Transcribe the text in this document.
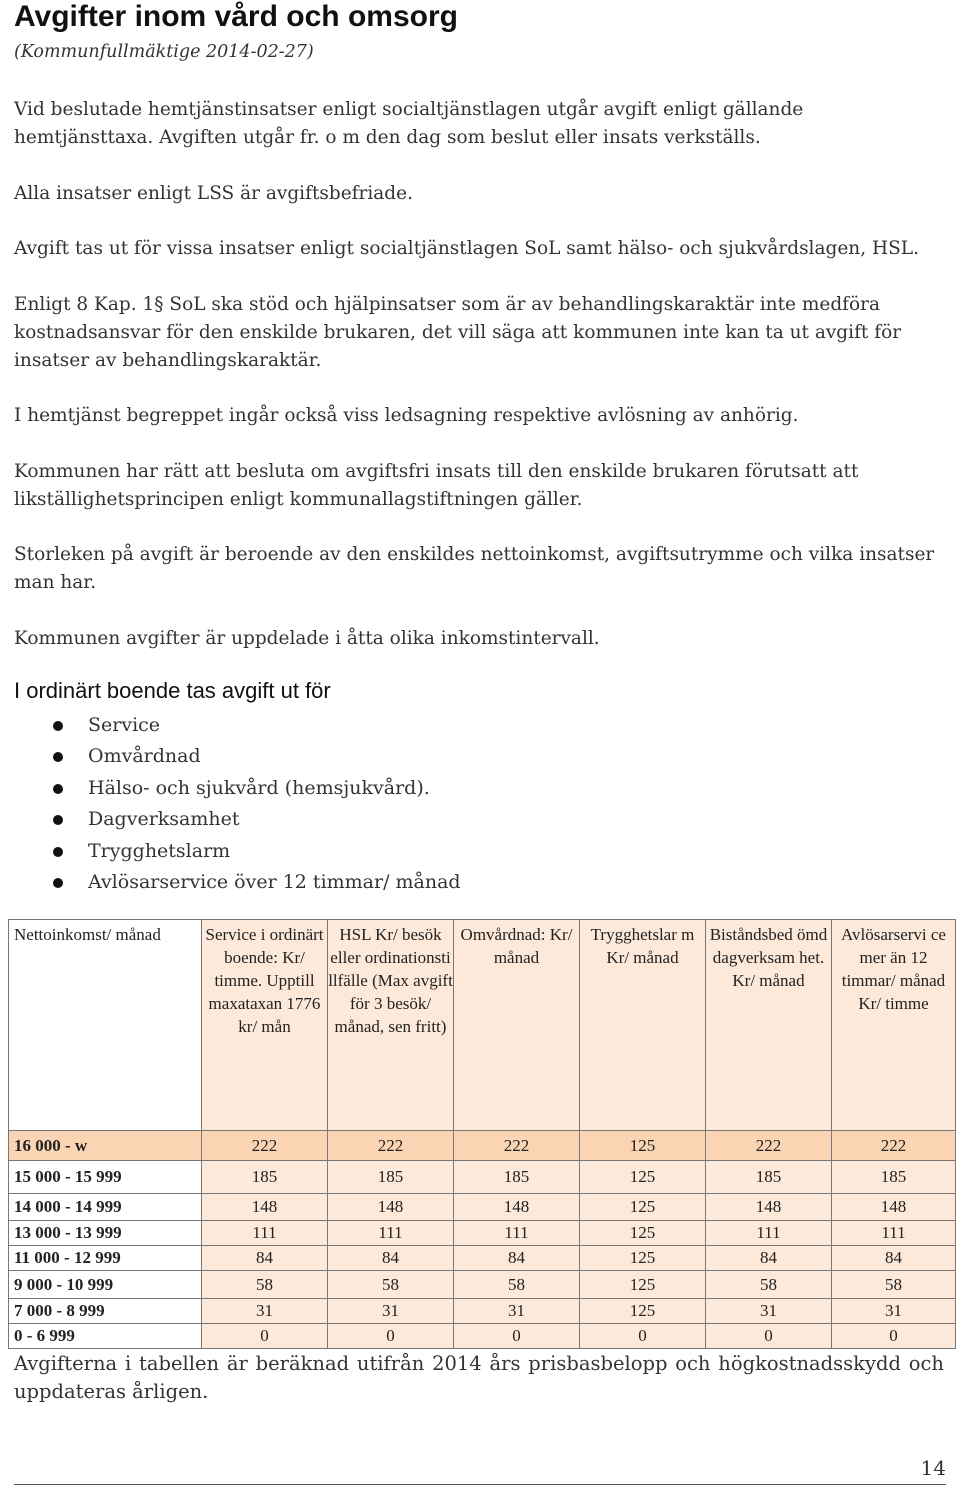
Avgifter inom vård och omsorg
(Kommunfullmäktige 2014-02-27)
Vid beslutade hemtjänstinsatser enligt socialtjänstlagen utgår avgift enligt gällande hemtjänsttaxa. Avgiften utgår fr. o m den dag som beslut eller insats verkställs.
Alla insatser enligt LSS är avgiftsbefriade.
Avgift tas ut för vissa insatser enligt socialtjänstlagen SoL samt hälso- och sjukvårdslagen, HSL.
Enligt 8 Kap. 1§ SoL ska stöd och hjälpinsatser som är av behandlingskaraktär inte medföra kostnadsansvar för den enskilde brukaren, det vill säga att kommunen inte kan ta ut avgift för insatser av behandlingskaraktär.
I hemtjänst begreppet ingår också viss ledsagning respektive avlösning av anhörig.
Kommunen har rätt att besluta om avgiftsfri insats till den enskilde brukaren förutsatt att likställighetsprincipen enligt kommunallagstiftningen gäller.
Storleken på avgift är beroende av den enskildes nettoinkomst, avgiftsutrymme och vilka insatser man har.
Kommunen avgifter är uppdelade i åtta olika inkomstintervall.
I ordinärt boende tas avgift ut för
Service
Omvårdnad
Hälso- och sjukvård (hemsjukvård).
Dagverksamhet
Trygghetslarm
Avlösarservice över 12 timmar/ månad
Nettoinkomst/ månad	Service i ordinärt boende: Kr/ timme. Upptill maxataxan 1776 kr/ mån	HSL Kr/ besök eller ordinationsti llfälle (Max avgift för 3 besök/ månad, sen fritt)	Omvårdnad: Kr/ månad	Trygghetslar m Kr/ månad	Biståndsbed ömd dagverksam het. Kr/ månad	Avlösarservi ce mer än 12 timmar/ månad Kr/ timme
16 000 - w	222	222	222	125	222	222
15 000 - 15 999	185	185	185	125	185	185
14 000 - 14 999	148	148	148	125	148	148
13 000 - 13 999	111	111	111	125	111	111
11 000 - 12 999	84	84	84	125	84	84
9 000 - 10 999	58	58	58	125	58	58
7 000 - 8 999	31	31	31	125	31	31
0 - 6 999	0	0	0	0	0	0
Avgifterna i tabellen är beräknad utifrån 2014 års prisbasbelopp och högkostnadsskydd och uppdateras årligen.
14
